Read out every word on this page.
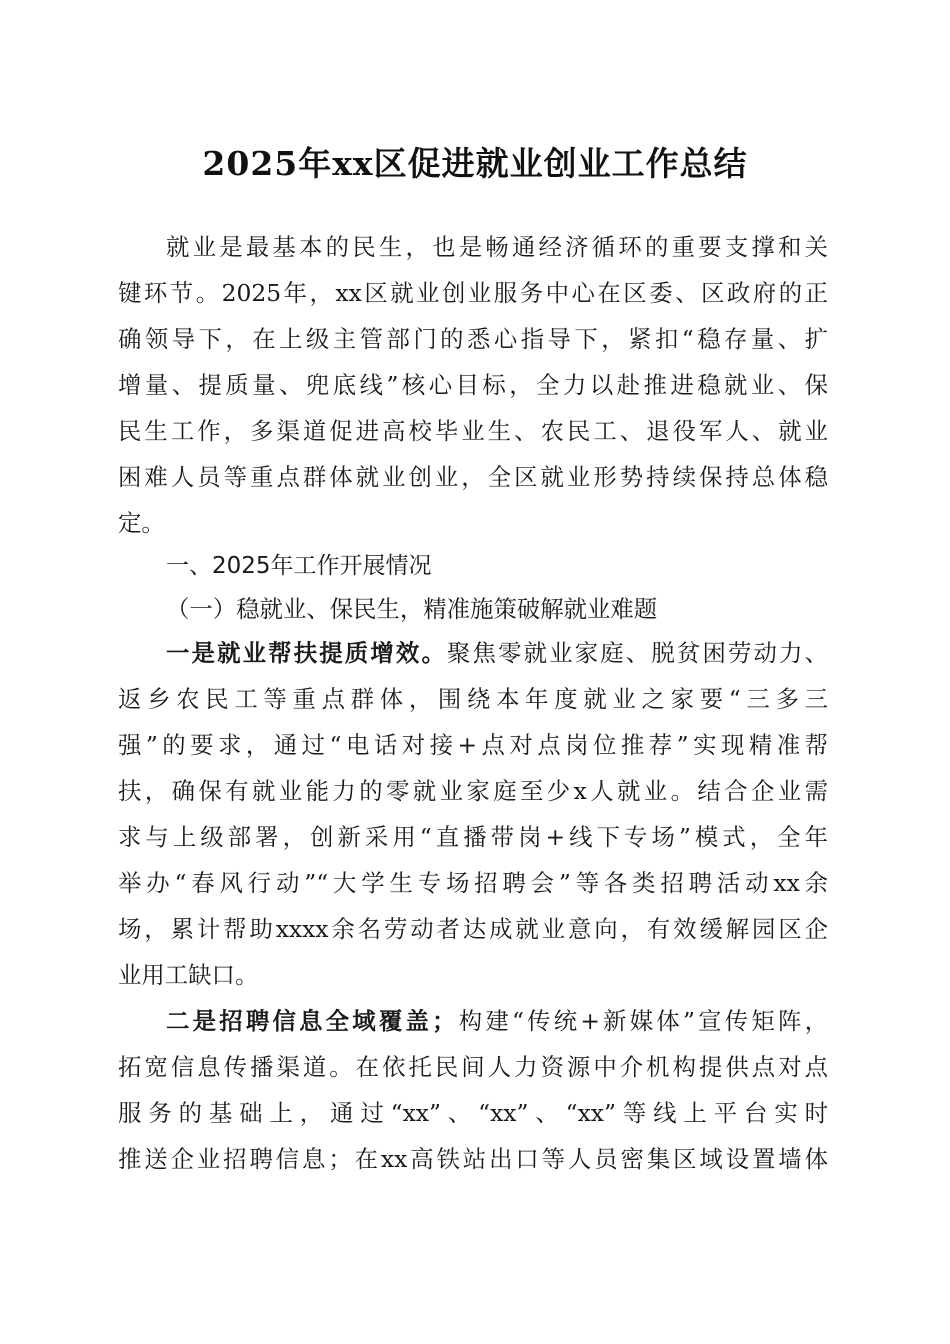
2025年xx区促进就业创业工作总结
就业是最基本的民生，也是畅通经济循环的重要支撑和关
键环节。2025年，xx区就业创业服务中心在区委、区政府的正
确领导下，在上级主管部门的悉心指导下，紧扣“稳存量、扩
增量、提质量、兜底线”核心目标，全力以赴推进稳就业、保
民生工作，多渠道促进高校毕业生、农民工、退役军人、就业
困难人员等重点群体就业创业，全区就业形势持续保持总体稳
定。
一、2025年工作开展情况
（一）稳就业、保民生，精准施策破解就业难题
一是就业帮扶提质增效。聚焦零就业家庭、脱贫困劳动力、
返乡农民工等重点群体，围绕本年度就业之家要“三多三
强”的要求，通过“电话对接+点对点岗位推荐”实现精准帮
扶，确保有就业能力的零就业家庭至少x人就业。结合企业需
求与上级部署，创新采用“直播带岗+线下专场”模式，全年
举办“春风行动”“大学生专场招聘会”等各类招聘活动xx余
场，累计帮助xxxx余名劳动者达成就业意向，有效缓解园区企
业用工缺口。
二是招聘信息全域覆盖；构建“传统+新媒体”宣传矩阵，
拓宽信息传播渠道。在依托民间人力资源中介机构提供点对点
服务的基础上，通过“xx”、“xx”、“xx”等线上平台实时
推送企业招聘信息；在xx高铁站出口等人员密集区域设置墙体
